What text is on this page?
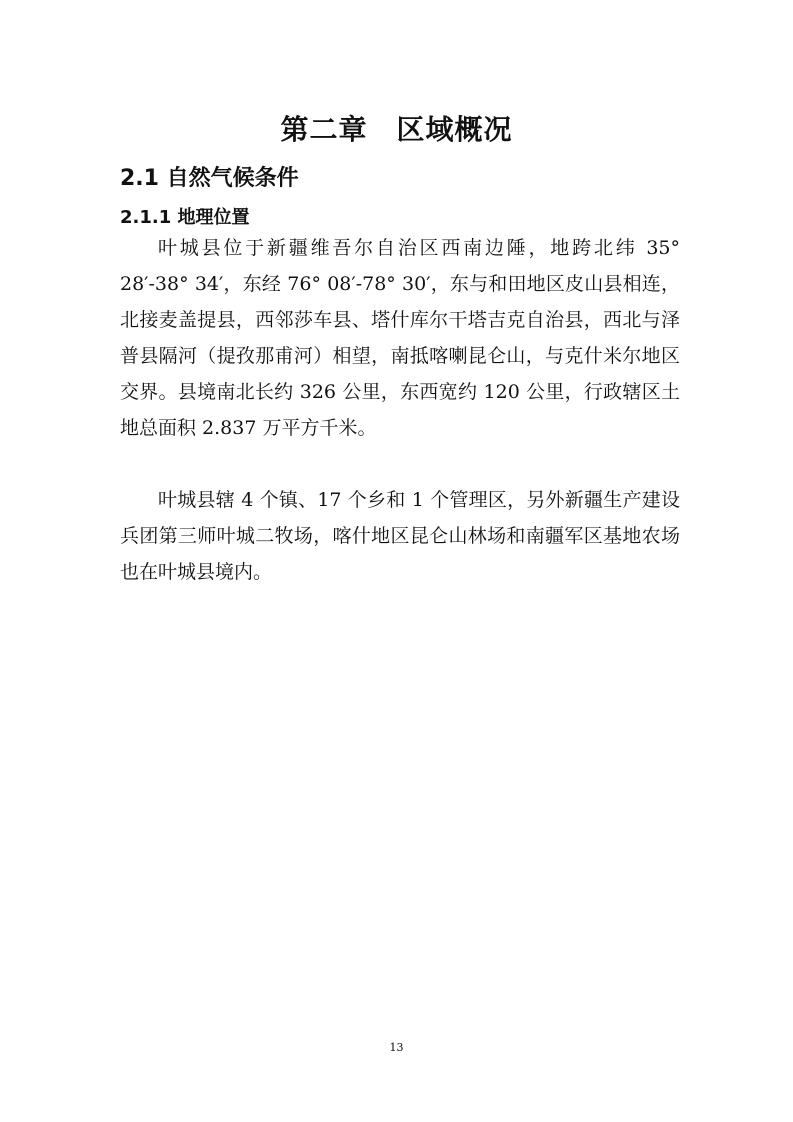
第二章　区域概况
2.1 自然气候条件
2.1.1 地理位置

叶城县位于新疆维吾尔自治区西南边陲，地跨北纬 35° 28′-38° 34′，东经 76° 08′-78° 30′，东与和田地区皮山县相连，北接麦盖提县，西邻莎车县、塔什库尔干塔吉克自治县，西北与泽普县隔河（提孜那甫河）相望，南抵喀喇昆仑山，与克什米尔地区交界。县境南北长约 326 公里，东西宽约 120 公里，行政辖区土地总面积 2.837 万平方千米。

叶城县辖 4 个镇、17 个乡和 1 个管理区，另外新疆生产建设兵团第三师叶城二牧场，喀什地区昆仑山林场和南疆军区基地农场也在叶城县境内。

13
